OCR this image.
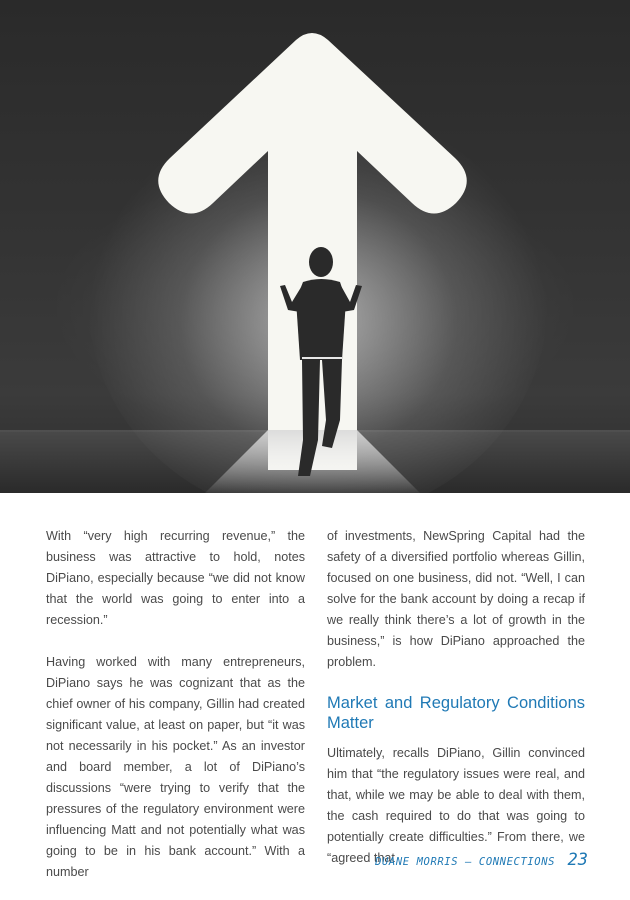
With “very high recurring revenue,” the business was attractive to hold, notes DiPiano, especially because “we did not know that the world was going to enter into a recession.”

Having worked with many entrepreneurs, DiPiano says he was cognizant that as the chief owner of his company, Gillin had created significant value, at least on paper, but “it was not necessarily in his pocket.” As an investor and board member, a lot of DiPiano’s discussions “were trying to verify that the pressures of the regulatory environment were influencing Matt and not potentially what was going to be in his bank account.” With a number

of investments, NewSpring Capital had the safety of a diversified portfolio whereas Gillin, focused on one business, did not. “Well, I can solve for the bank account by doing a recap if we really think there’s a lot of growth in the business,” is how DiPiano approached the problem.

Market and Regulatory Conditions Matter

Ultimately, recalls DiPiano, Gillin convinced him that “the regulatory issues were real, and that, while we may be able to deal with them, the cash required to do that was going to potentially create difficulties.” From there, we “agreed that

DUANE MORRIS — CONNECTIONS 23
